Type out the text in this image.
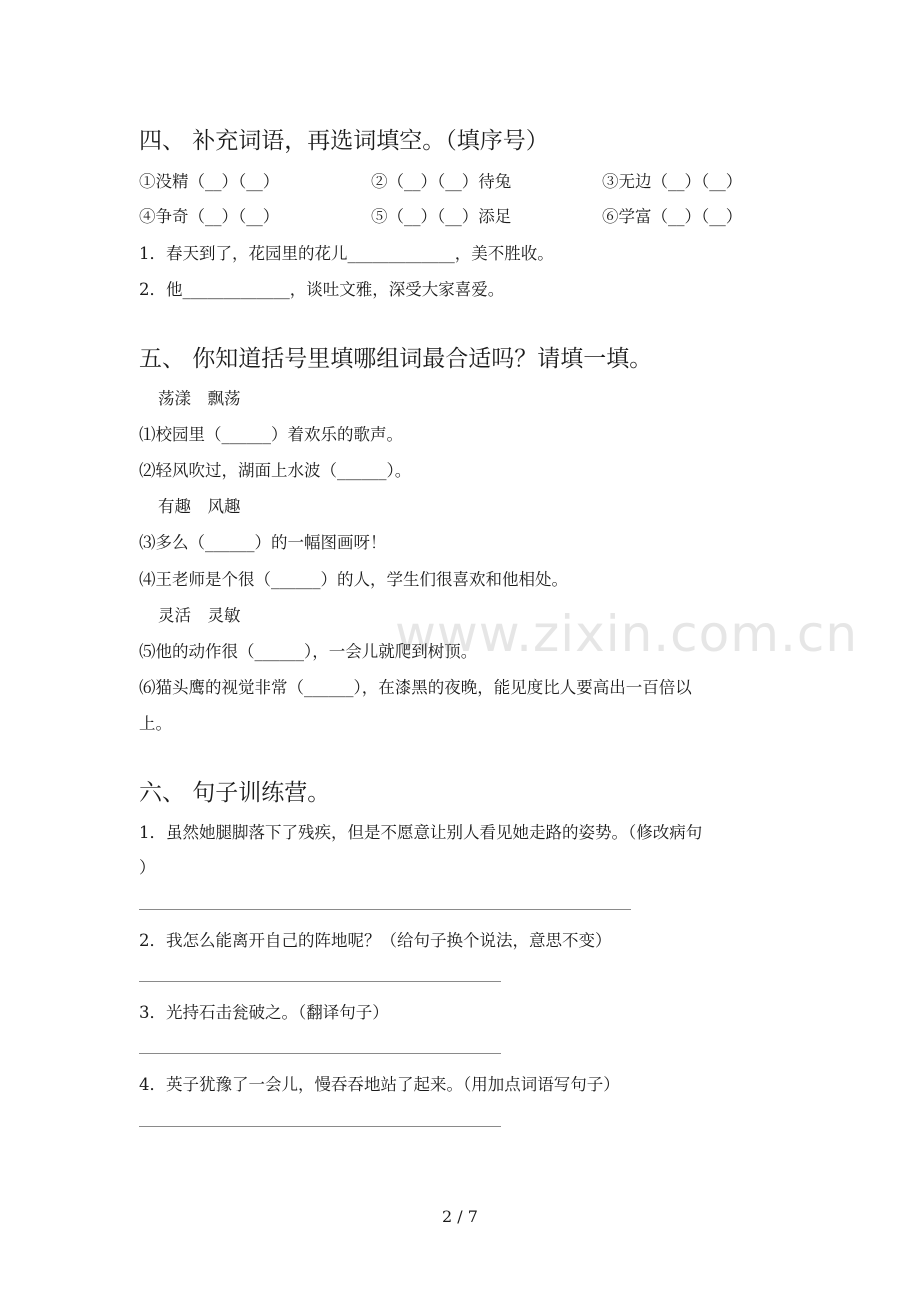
www.zixin.com.cn
四、 补充词语，再选词填空。（填序号）
①没精（__）（__）	②（__）（__）待兔	③无边（__）（__）
④争奇（__）（__）	⑤（__）（__）添足	⑥学富（__）（__）
1．春天到了，花园里的花儿_____________，美不胜收。
2．他_____________，谈吐文雅，深受大家喜爱。
五、 你知道括号里填哪组词最合适吗？请填一填。
荡漾　飘荡
⑴校园里（______）着欢乐的歌声。
⑵轻风吹过，湖面上水波（______）。
有趣　风趣
⑶多么（______）的一幅图画呀！
⑷王老师是个很（______）的人，学生们很喜欢和他相处。
灵活　灵敏
⑸他的动作很（______），一会儿就爬到树顶。
⑹猫头鹰的视觉非常（______），在漆黑的夜晚，能见度比人要高出一百倍以
上。
六、 句子训练营。
1．虽然她腿脚落下了残疾，但是不愿意让别人看见她走路的姿势。（修改病句
）
2．我怎么能离开自己的阵地呢？（给句子换个说法，意思不变）
3．光持石击瓮破之。（翻译句子）
4．英子犹豫了一会儿，慢吞吞地站了起来。（用加点词语写句子）
2 / 7
